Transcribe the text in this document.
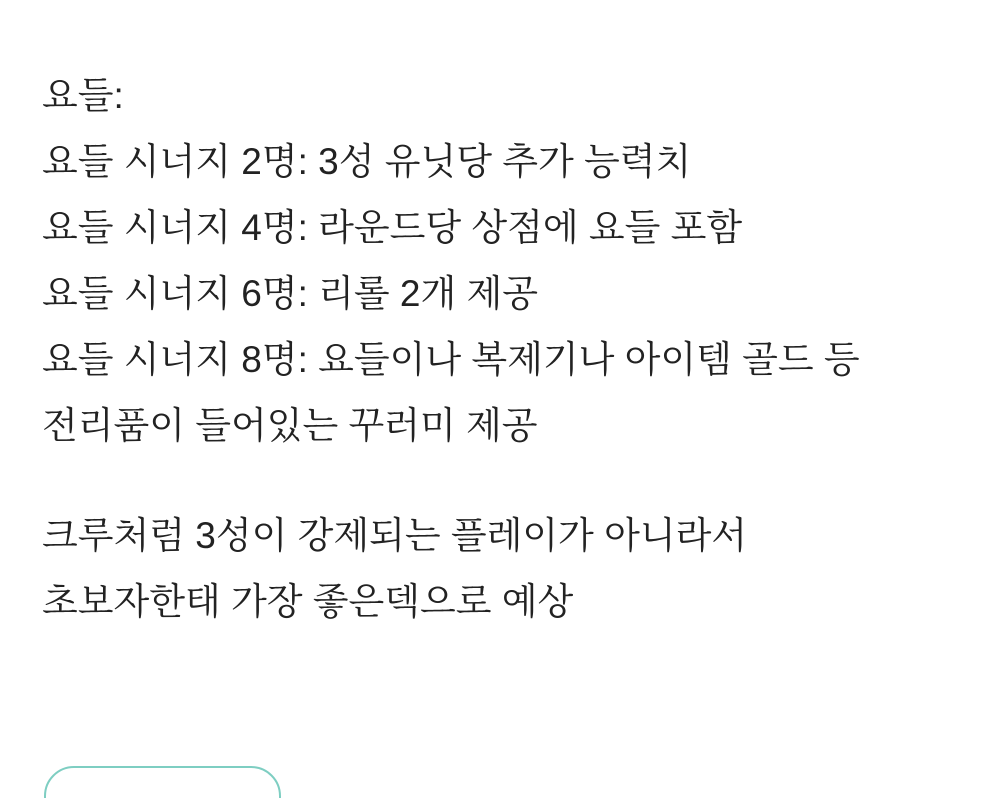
요들:
요들 시너지 2명: 3성 유닛당 추가 능력치
요들 시너지 4명: 라운드당 상점에 요들 포함
요들 시너지 6명: 리롤 2개 제공
요들 시너지 8명: 요들이나 복제기나 아이템 골드 등
전리품이 들어있는 꾸러미 제공
크루처럼 3성이 강제되는 플레이가 아니라서
초보자한태 가장 좋은덱으로 예상
